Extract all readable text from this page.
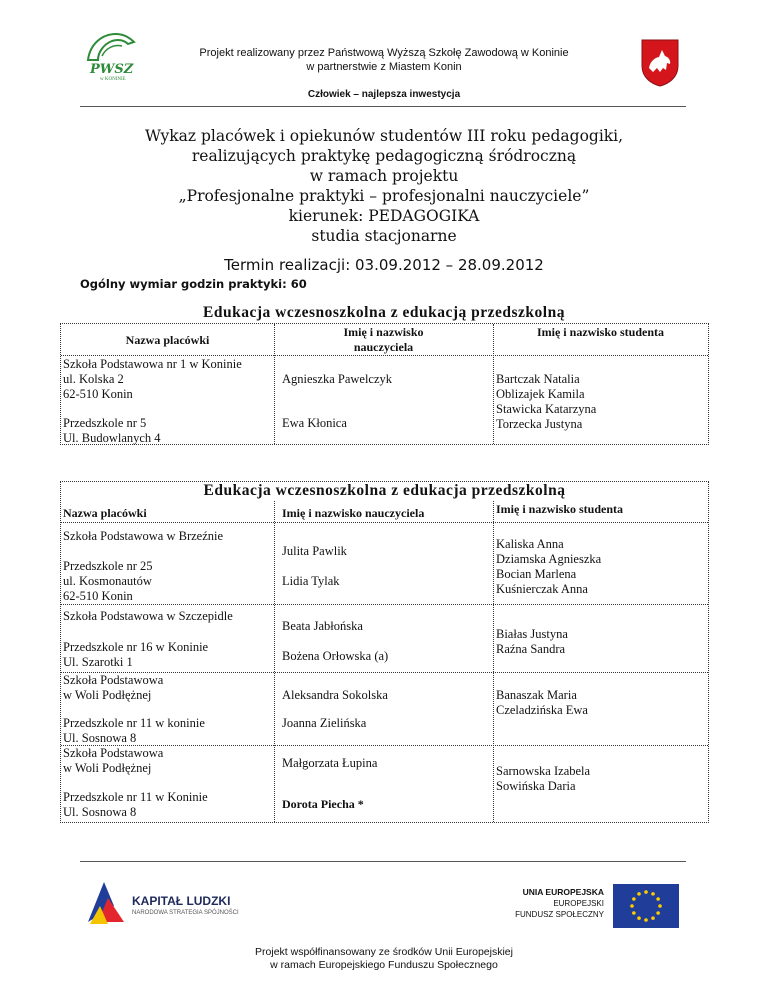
PWSZ
w KONINIE
Projekt realizowany przez Państwową Wyższą Szkołę Zawodową w Koninie
w partnerstwie z Miastem Konin
Człowiek – najlepsza inwestycja
Wykaz placówek i opiekunów studentów III roku pedagogiki,
realizujących praktykę pedagogiczną śródroczną
w ramach projektu
„Profesjonalne praktyki – profesjonalni nauczyciele”
kierunek: PEDAGOGIKA
studia stacjonarne
Termin realizacji: 03.09.2012 – 28.09.2012
Ogólny wymiar godzin praktyki: 60
Edukacja wczesnoszkolna z edukacją przedszkolną
Nazwa placówki
Imię i nazwisko
nauczyciela
Imię i nazwisko studenta
Szkoła Podstawowa nr 1 w Koninie
ul. Kolska 2
62-510 Konin
Przedszkole nr 5
Ul. Budowlanych 4
Agnieszka Pawelczyk
Ewa Kłonica
Bartczak Natalia
Oblizajek Kamila
Stawicka Katarzyna
Torzecka Justyna
Edukacja wczesnoszkolna z edukacja przedszkolną
Nazwa placówki	Imię i nazwisko nauczyciela	Imię i nazwisko studenta
Szkoła Podstawowa w Brzeźnie
Przedszkole nr 25
ul. Kosmonautów
62-510 Konin
Julita Pawlik
Lidia Tylak
Kaliska Anna
Dziamska Agnieszka
Bocian Marlena
Kuśnierczak Anna
Szkoła Podstawowa w Szczepidle
Przedszkole nr 16 w Koninie
Ul. Szarotki 1
Beata Jabłońska
Bożena Orłowska (a)
Białas Justyna
Raźna Sandra
Szkoła Podstawowa
w Woli Podłężnej
Przedszkole nr 11 w koninie
Ul. Sosnowa 8
Aleksandra Sokolska
Joanna Zielińska
Banaszak Maria
Czeladzińska Ewa
Szkoła Podstawowa
w Woli Podłężnej
Przedszkole nr 11 w Koninie
Ul. Sosnowa 8
Małgorzata Łupina
Dorota Piecha *
Sarnowska Izabela
Sowińska Daria
KAPITAŁ LUDZKI
NARODOWA STRATEGIA SPÓJNOŚCI
UNIA EUROPEJSKA
EUROPEJSKI
FUNDUSZ SPOŁECZNY
Projekt współfinansowany ze środków Unii Europejskiej
w ramach Europejskiego Funduszu Społecznego
